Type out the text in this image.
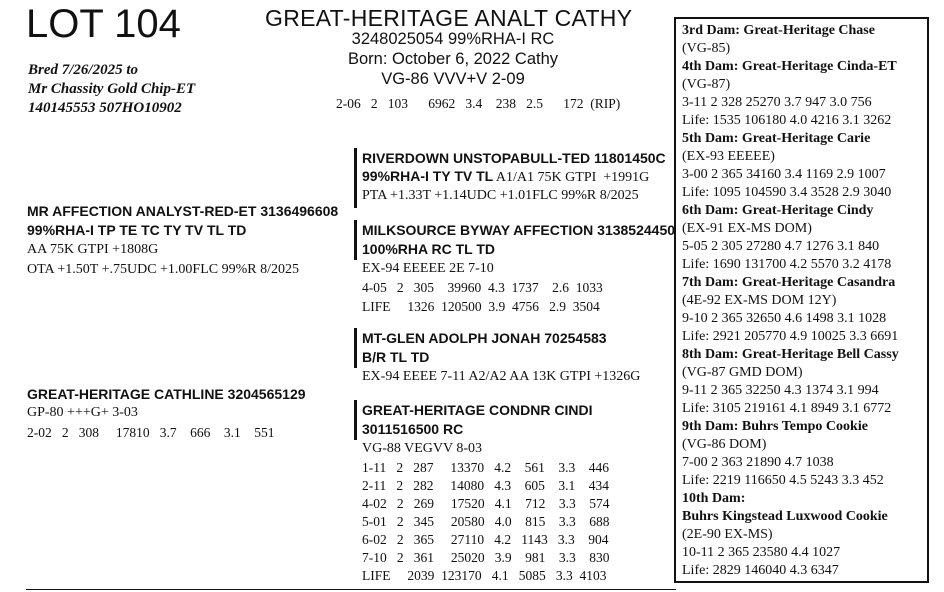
LOT 104	GREAT-HERITAGE ANALT CATHY
3248025054 99%RHA-I RC
Born: October 6, 2022 Cathy
VG-86 VVV+V 2-09
2-06   2   103      6962   3.4    238   2.5      172  (RIP)
Bred 7/26/2025 to
Mr Chassity Gold Chip-ET
140145553 507HO10902
MR AFFECTION ANALYST-RED-ET 3136496608
99%RHA-I TP TE TC TY TV TL TD
AA 75K GTPI +1808G
OTA +1.50T +.75UDC +1.00FLC 99%R 8/2025
RIVERDOWN UNSTOPABULL-TED 11801450C
99%RHA-I TY TV TL A1/A1 75K GTPI  +1991G
PTA +1.33T +1.14UDC +1.01FLC 99%R 8/2025
MILKSOURCE BYWAY AFFECTION 3138524450
100%RHA RC TL TD
EX-94 EEEEE 2E 7-10
4-05   2   305    39960  4.3  1737    2.6  1033
LIFE     1326  120500  3.9  4756   2.9  3504
GREAT-HERITAGE CATHLINE 3204565129
GP-80 +++G+ 3-03
2-02   2   308     17810   3.7    666    3.1    551
MT-GLEN ADOLPH JONAH 70254583
B/R TL TD
EX-94 EEEE 7-11 A2/A2 AA 13K GTPI +1326G
GREAT-HERITAGE CONDNR CINDI
3011516500 RC
VG-88 VEGVV 8-03
1-11   2   287     13370   4.2    561    3.3    446
2-11   2   282     14080   4.3    605    3.1    434
4-02   2   269     17520   4.1    712    3.3    574
5-01   2   345     20580   4.0    815    3.3    688
6-02   2   365     27110   4.2   1143   3.3    904
7-10   2   361     25020   3.9    981    3.3    830
LIFE     2039  123170   4.1   5085   3.3  4103
3rd Dam: Great-Heritage Chase
(VG-85)
4th Dam: Great-Heritage Cinda-ET
(VG-87)
3-11 2 328 25270 3.7 947 3.0 756
Life: 1535 106180 4.0 4216 3.1 3262
5th Dam: Great-Heritage Carie
(EX-93 EEEEE)
3-00 2 365 34160 3.4 1169 2.9 1007
Life: 1095 104590 3.4 3528 2.9 3040
6th Dam: Great-Heritage Cindy
(EX-91 EX-MS DOM)
5-05 2 305 27280 4.7 1276 3.1 840
Life: 1690 131700 4.2 5570 3.2 4178
7th Dam: Great-Heritage Casandra
(4E-92 EX-MS DOM 12Y)
9-10 2 365 32650 4.6 1498 3.1 1028
Life: 2921 205770 4.9 10025 3.3 6691
8th Dam: Great-Heritage Bell Cassy
(VG-87 GMD DOM)
9-11 2 365 32250 4.3 1374 3.1 994
Life: 3105 219161 4.1 8949 3.1 6772
9th Dam: Buhrs Tempo Cookie
(VG-86 DOM)
7-00 2 363 21890 4.7 1038
Life: 2219 116650 4.5 5243 3.3 452
10th Dam:
Buhrs Kingstead Luxwood Cookie
(2E-90 EX-MS)
10-11 2 365 23580 4.4 1027
Life: 2829 146040 4.3 6347
